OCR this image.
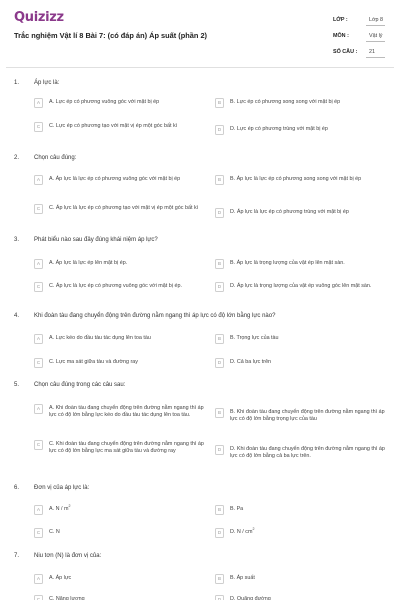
Quizizz
Trắc nghiệm Vật lí 8 Bài 7: (có đáp án) Áp suất (phần 2)
LỚP :	Lớp 8
MÔN :	Vật lý
SỐ CÂU : 21
1. Áp lực là:
A	A. Lực ép có phương vuông góc với mặt bị ép	B	B. Lực ép có phương song song với mặt bị ép
C	C. Lực ép có phương tạo với mặt vị ép một góc bất kì
D	D. Lực ép có phương trùng với mặt bị ép
2. Chọn câu đúng:
A	A. Áp lực là lực ép có phương vuông góc với mặt bị ép	B	B. Áp lực là lực ép có phương song song với mặt bị ép
C	C. Áp lực là lực ép có phương tạo với mặt vị ép một góc bất kì
D	D. Áp lực là lực ép có phương trùng với mặt bị ép
3. Phát biểu nào sau đây đúng khái niệm áp lực?
A	A. Áp lực là lực ép lên mặt bị ép.	B	B. Áp lực là trọng lượng của vật ép lên mặt sàn.
C	C. Áp lực là lực ép có phương vuông góc với mặt bị ép.	D	D. Áp lực là trọng lượng của vật ép vuông góc lên mặt sàn.
4. Khi đoàn tàu đang chuyển động trên đường nằm ngang thì áp lực có độ lớn bằng lực nào?
A	A. Lực kéo do đầu tàu tác dụng lên toa tàu	B	B. Trọng lực của tàu
C	C. Lực ma sát giữa tàu và đường ray	D	D. Cả ba lực trên
5. Chọn câu đúng trong các câu sau:
A	A. Khi đoàn tàu đang chuyển động trên đường nằm ngang thì áp lực có độ lớn bằng lực kéo do đầu tàu tác dụng lên toa tàu.	B	B. Khi đoàn tàu đang chuyển động trên đường nằm ngang thì áp lực có độ lớn bằng trọng lực của tàu
C	C. Khi đoàn tàu đang chuyển động trên đường nằm ngang thì áp lực có độ lớn bằng lực ma sát giữa tàu và đường ray	D	D. Khi đoàn tàu đang chuyển động trên đường nằm ngang thì áp lực có độ lớn bằng cả ba lực trên.
6. Đơn vị của áp lực là:
A	A. N / $m^2$
B	B. Pa
C	C. N	D	D. N / $cm^2$
7. Niu tơn (N) là đơn vị của:
A	A. Áp lực	B	B. Áp suất
C	C. Năng lượng	D	D. Quãng đường
